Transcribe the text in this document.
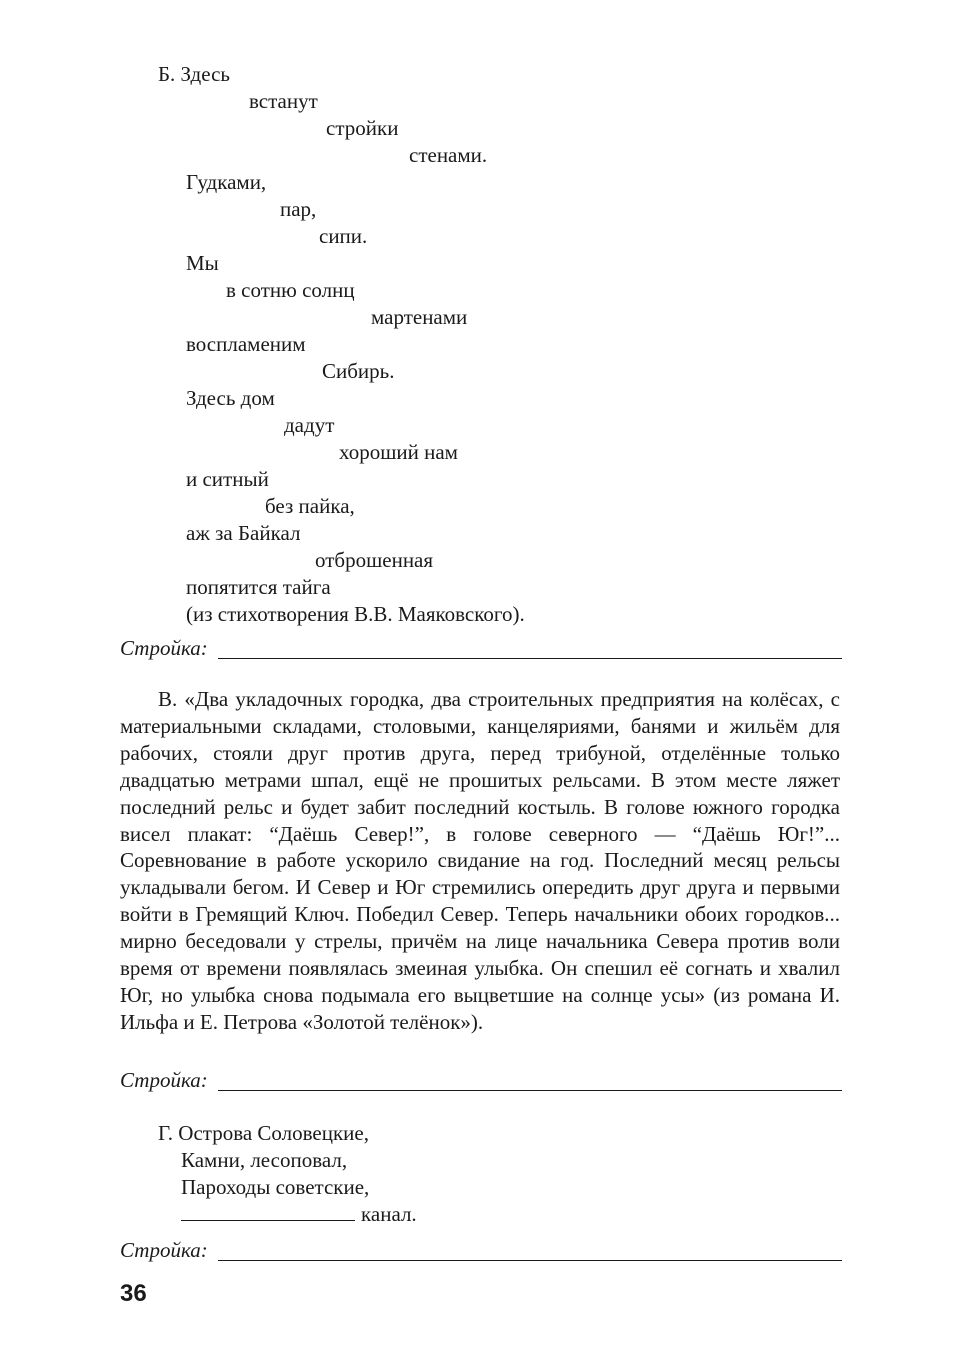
Б. Здесь
встанут
стройки
стенами.
Гудками,
пар,
сипи.
Мы
в сотню солнц
мартенами
воспламеним
Сибирь.
Здесь дом
дадут
хороший нам
и ситный
без пайка,
аж за Байкал
отброшенная
попятится тайга
(из стихотворения В.В. Маяковского).
Стройка:

В. «Два укладочных городка, два строительных предприятия на колёсах, с материальными складами, столовыми, канцеляриями, банями и жильём для рабочих, стояли друг против друга, перед трибуной, отделённые только двадцатью метрами шпал, ещё не прошитых рельсами. В этом месте ляжет последний рельс и будет забит последний костыль. В голове южного городка висел плакат: “Даёшь Север!”, в голове северного — “Даёшь Юг!”... Соревнование в работе ускорило свидание на год. Последний месяц рельсы укладывали бегом. И Север и Юг стремились опередить друг друга и первыми войти в Гремящий Ключ. Победил Север. Теперь начальники обоих городков... мирно беседовали у стрелы, причём на лице начальника Севера против воли время от времени появлялась змеиная улыбка. Он спешил её согнать и хвалил Юг, но улыбка снова подымала его выцветшие на солнце усы» (из романа И. Ильфа и Е. Петрова «Золотой телёнок»).

Стройка:
Г. Острова Соловецкие,
Камни, лесоповал,
Пароходы советские,
канал.
Стройка:
36
